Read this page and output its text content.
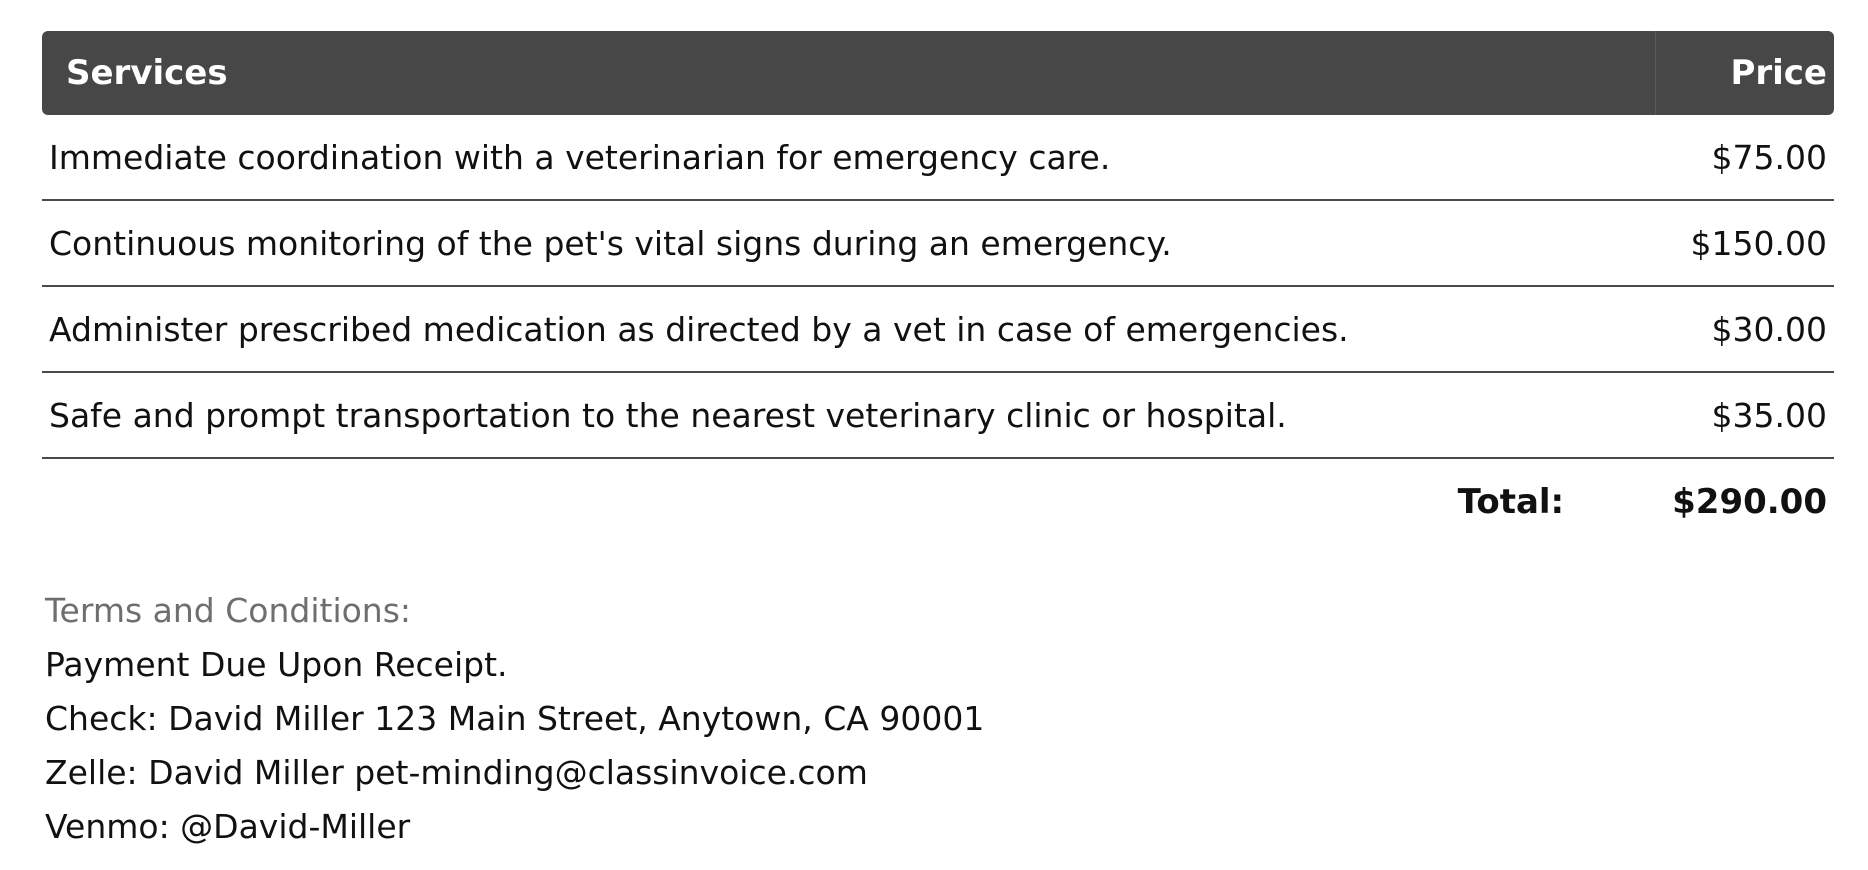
Services	Price
Immediate coordination with a veterinarian for emergency care.	$75.00
Continuous monitoring of the pet's vital signs during an emergency.	$150.00
Administer prescribed medication as directed by a vet in case of emergencies.	$30.00
Safe and prompt transportation to the nearest veterinary clinic or hospital.	$35.00
Total:	$290.00
Terms and Conditions:
Payment Due Upon Receipt.
Check: David Miller 123 Main Street, Anytown, CA 90001
Zelle: David Miller pet-minding@classinvoice.com
Venmo: @David-Miller
